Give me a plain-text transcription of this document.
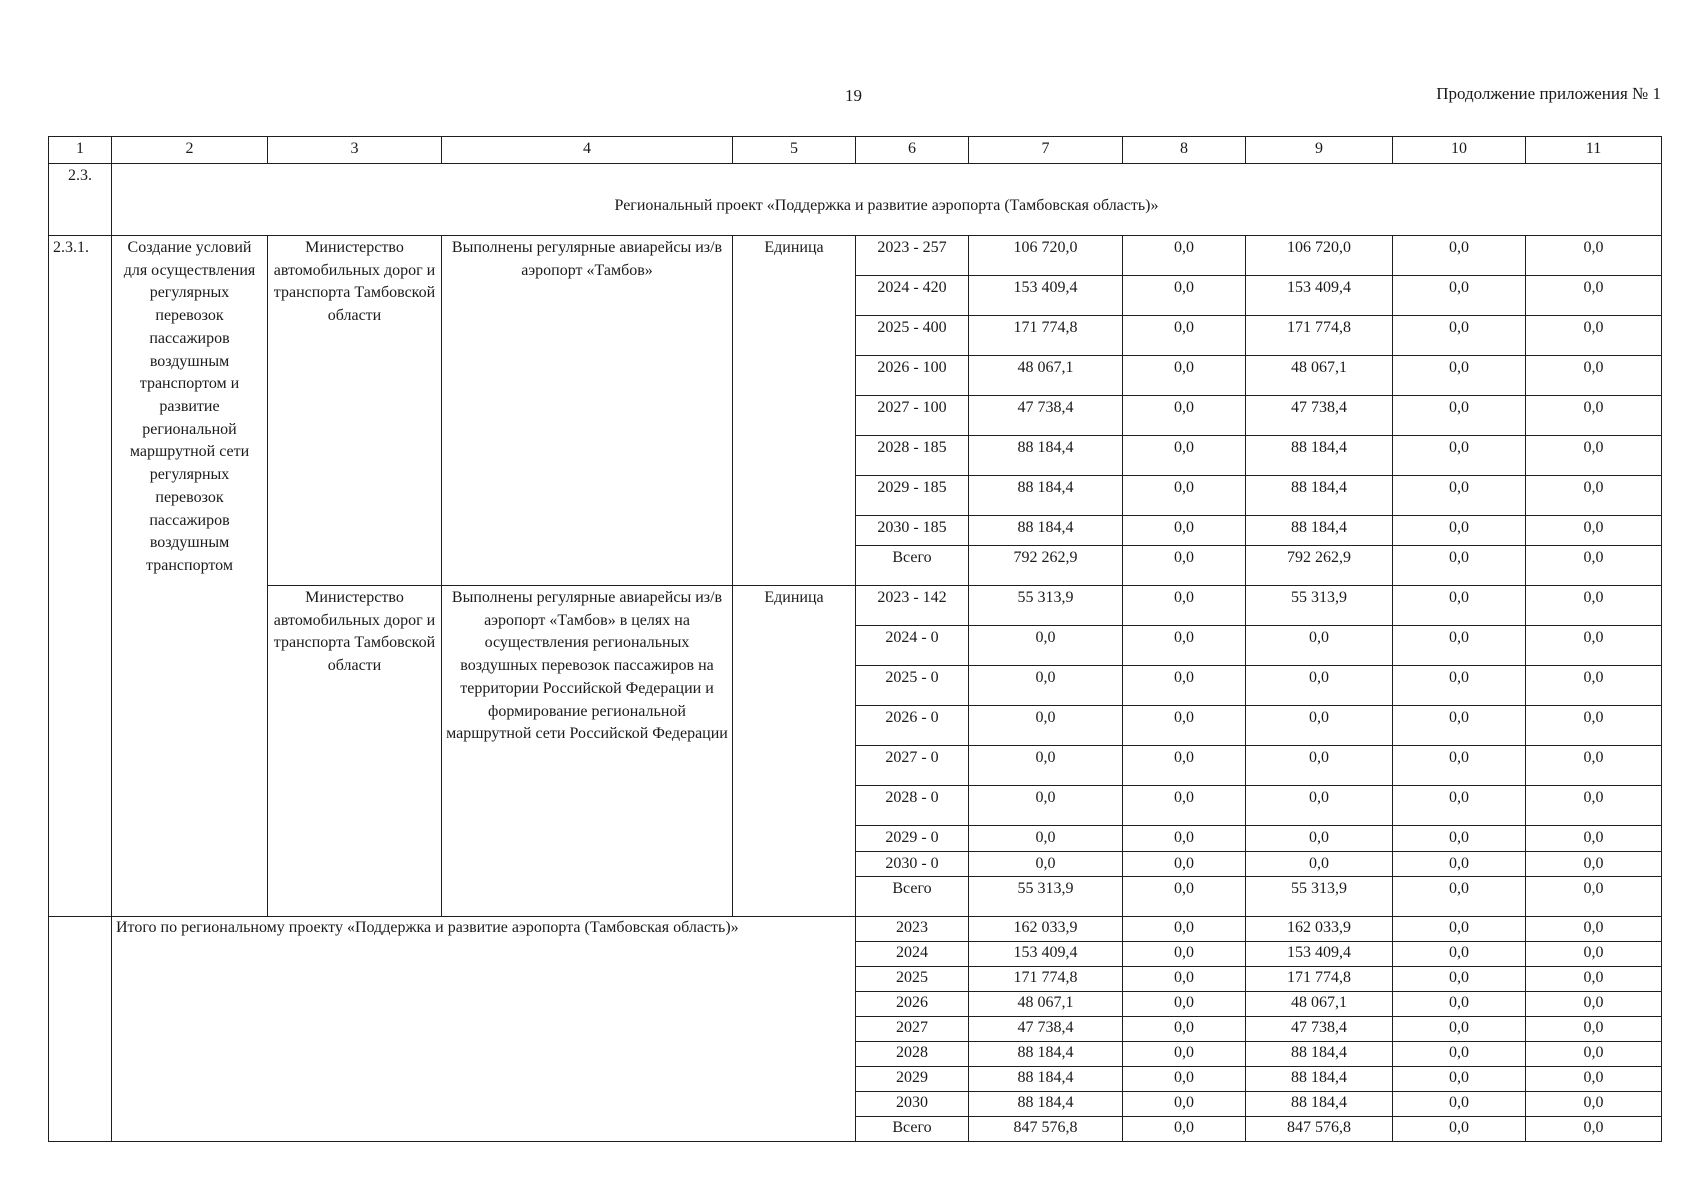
19	Продолжение приложения № 1
1	2	3	4	5	6	7	8	9	10	11
2.3.	Региональный проект «Поддержка и развитие аэропорта (Тамбовская область)»									
2.3.1.	Создание условий для осуществления регулярных перевозок пассажиров воздушным транспортом и развитие региональной маршрутной сети регулярных перевозок пассажиров воздушным транспортом	Министерство автомобильных дорог и транспорта Тамбовской области	Выполнены регулярные авиарейсы из/в аэропорт «Тамбов»	Единица	2023 - 257	106 720,0	0,0	106 720,0	0,0	0,0
					2024 - 420	153 409,4	0,0	153 409,4	0,0	0,0
					2025 - 400	171 774,8	0,0	171 774,8	0,0	0,0
					2026 - 100	48 067,1	0,0	48 067,1	0,0	0,0
					2027 - 100	47 738,4	0,0	47 738,4	0,0	0,0
					2028 - 185	88 184,4	0,0	88 184,4	0,0	0,0
					2029 - 185	88 184,4	0,0	88 184,4	0,0	0,0
					2030 - 185	88 184,4	0,0	88 184,4	0,0	0,0
					Всего	792 262,9	0,0	792 262,9	0,0	0,0
		Министерство автомобильных дорог и транспорта Тамбовской области	Выполнены регулярные авиарейсы из/в аэропорт «Тамбов» в целях на осуществления региональных воздушных перевозок пассажиров на территории Российской Федерации и формирование региональной маршрутной сети Российской Федерации	Единица	2023 - 142	55 313,9	0,0	55 313,9	0,0	0,0
					2024 - 0	0,0	0,0	0,0	0,0	0,0
					2025 - 0	0,0	0,0	0,0	0,0	0,0
					2026 - 0	0,0	0,0	0,0	0,0	0,0
					2027 - 0	0,0	0,0	0,0	0,0	0,0
					2028 - 0	0,0	0,0	0,0	0,0	0,0
					2029 - 0	0,0	0,0	0,0	0,0	0,0
					2030 - 0	0,0	0,0	0,0	0,0	0,0
					Всего	55 313,9	0,0	55 313,9	0,0	0,0
	Итого по региональному проекту «Поддержка и развитие аэропорта (Тамбовская область)»				2023	162 033,9	0,0	162 033,9	0,0	0,0
					2024	153 409,4	0,0	153 409,4	0,0	0,0
					2025	171 774,8	0,0	171 774,8	0,0	0,0
					2026	48 067,1	0,0	48 067,1	0,0	0,0
					2027	47 738,4	0,0	47 738,4	0,0	0,0
					2028	88 184,4	0,0	88 184,4	0,0	0,0
					2029	88 184,4	0,0	88 184,4	0,0	0,0
					2030	88 184,4	0,0	88 184,4	0,0	0,0
					Всего	847 576,8	0,0	847 576,8	0,0	0,0
